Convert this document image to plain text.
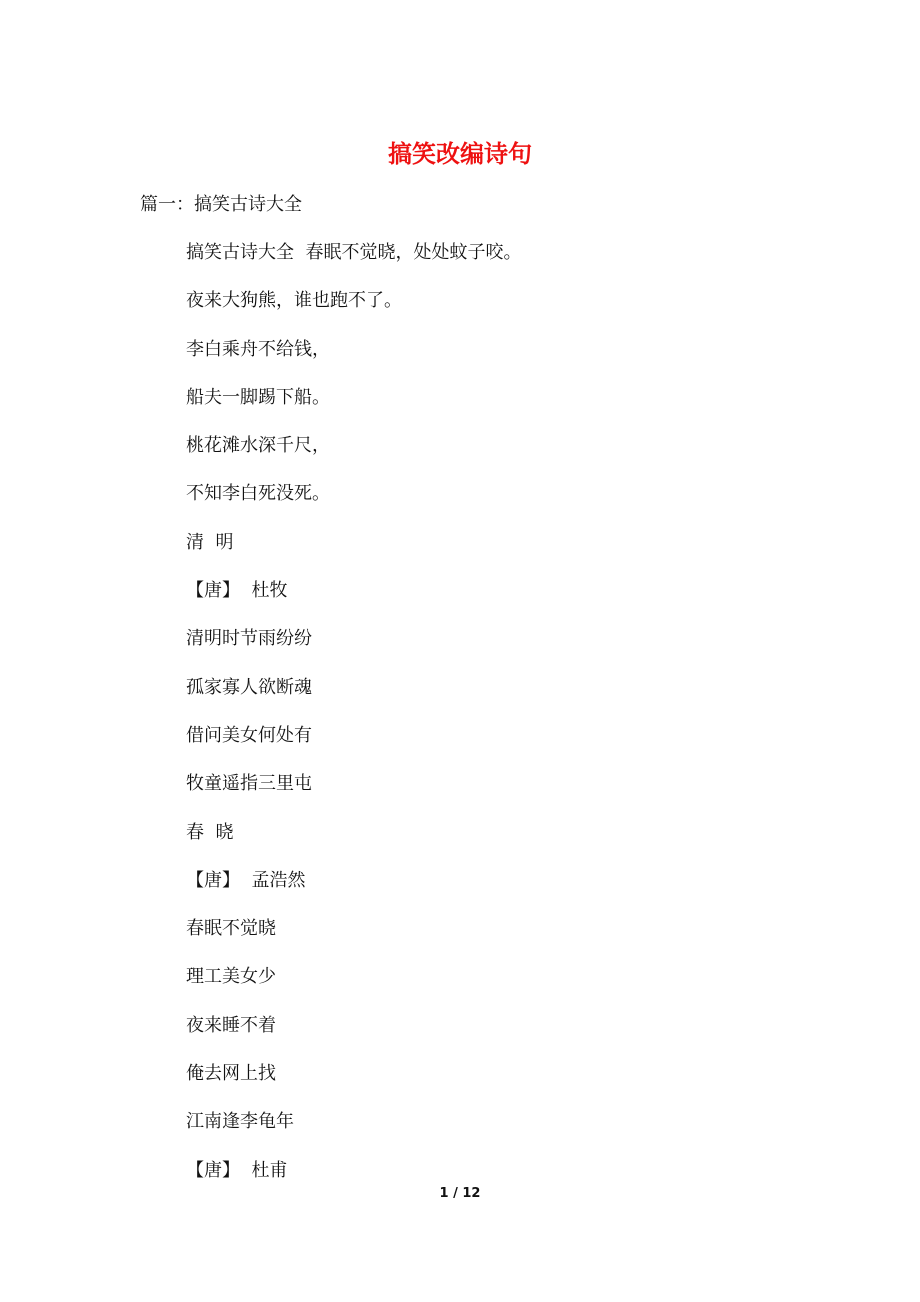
搞笑改编诗句
篇一：搞笑古诗大全
搞笑古诗大全  春眠不觉晓，处处蚊子咬。
夜来大狗熊，谁也跑不了。
李白乘舟不给钱，
船夫一脚踢下船。
桃花滩水深千尺，
不知李白死没死。
清  明
【唐】  杜牧
清明时节雨纷纷
孤家寡人欲断魂
借问美女何处有
牧童遥指三里屯
春  晓
【唐】  孟浩然
春眠不觉晓
理工美女少
夜来睡不着
俺去网上找
江南逢李龟年
【唐】  杜甫
1 / 12
